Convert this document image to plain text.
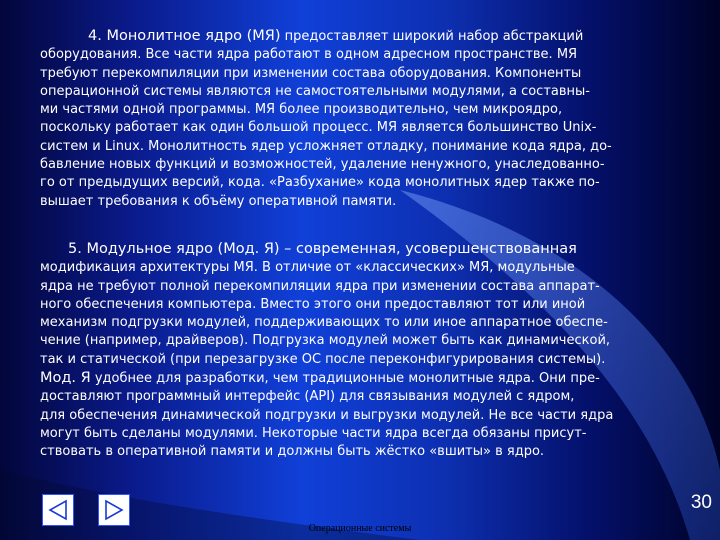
4. Монолитное ядро (МЯ) предоставляет широкий набор абстракций
оборудования. Все части ядра работают в одном адресном пространстве. МЯ
требуют перекомпиляции при изменении состава оборудования. Компоненты
операционной системы являются не самостоятельными модулями, а составны-
ми частями одной программы. МЯ более производительно, чем микроядро,
поскольку работает как один большой процесс. МЯ является большинство Unix-
систем и Linux. Монолитность ядер усложняет отладку, понимание кода ядра, до-
бавление новых функций и возможностей, удаление ненужного, унаследованно-
го от предыдущих версий, кода. «Разбухание» кода монолитных ядер также по-
вышает требования к объёму оперативной памяти.
5. Модульное ядро (Мод. Я) – современная, усовершенствованная
модификация архитектуры МЯ. В отличие от «классических» МЯ, модульные
ядра не требуют полной перекомпиляции ядра при изменении состава аппарат-
ного обеспечения компьютера. Вместо этого они предоставляют тот или иной
механизм подгрузки модулей, поддерживающих то или иное аппаратное обеспе-
чение (например, драйверов). Подгрузка модулей может быть как динамической,
так и статической (при перезагрузке ОС после переконфигурирования системы).
Мод. Я удобнее для разработки, чем традиционные монолитные ядра. Они пре-
доставляют программный интерфейс (API) для связывания модулей с ядром,
для обеспечения динамической подгрузки и выгрузки модулей. Не все части ядра
могут быть сделаны модулями. Некоторые части ядра всегда обязаны присут-
ствовать в оперативной памяти и должны быть жёстко «вшиты» в ядро.
30
Операционные системы
